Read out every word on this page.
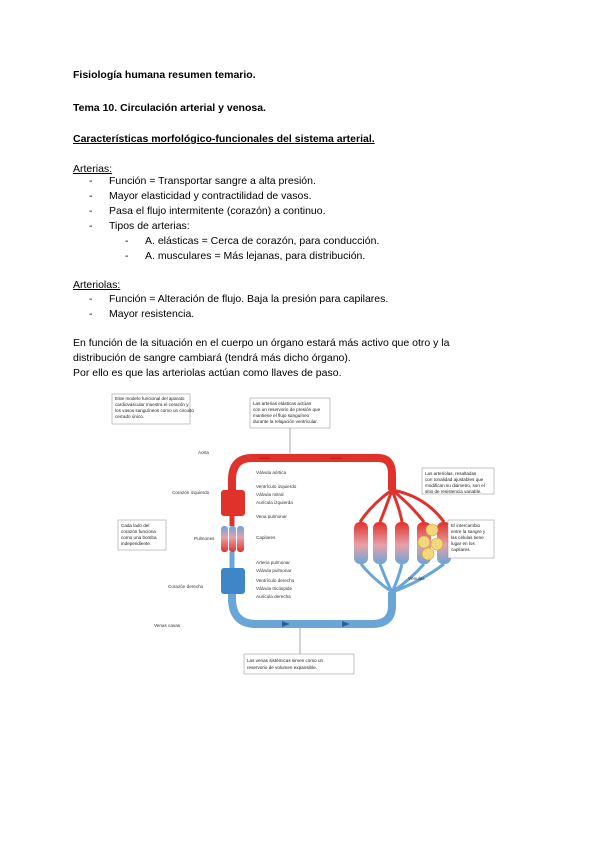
Fisiología humana resumen temario.
Tema 10. Circulación arterial y venosa.
Características morfológico-funcionales del sistema arterial.
Arterias:
- Función = Transportar sangre a alta presión.
- Mayor elasticidad y contractilidad de vasos.
- Pasa el flujo intermitente (corazón) a continuo.
- Tipos de arterias:
- A. elásticas = Cerca de corazón, para conducción.
- A. musculares = Más lejanas, para distribución.
Arteriolas:
- Función = Alteración de flujo. Baja la presión para capilares.
- Mayor resistencia.
En función de la situación en el cuerpo un órgano estará más activo que otro y la
distribución de sangre cambiará (tendrá más dicho órgano).
Por ello es que las arteriolas actúan como llaves de paso.
Este modelo funcional del aparato
cardiovascular muestra el corazón y
los vasos sanguíneos como un circuito
cerrado único.
Las arterias elásticas actúan
con un reservorio de presión que
mantiene el flujo sanguíneo
durante la relajación ventricular.
Aorta
Corazón izquierdo
Pulmones
Corazón derecho
Venas cavas
Cada lado del
corazón funciona
como una bomba
independiente.
Válvula aórtica
Ventrículo izquierdo
Válvula mitral
Aurícula izquierda
Vena pulmonar
Capilares
Arteria pulmonar
Válvula pulmonar
Ventrículo derecho
Válvula tricúspide
Aurícula derecha
Las arteriolas, resaltadas
con tonalidad ajustables que
modifican su diámetro, son el
sitio de resistencia variable.
El intercambio
entre la sangre y
las células tiene
lugar en los
capilares.
Vénulas
Las venas sistémicas sirven como un
reservorio de volumen expansible.
